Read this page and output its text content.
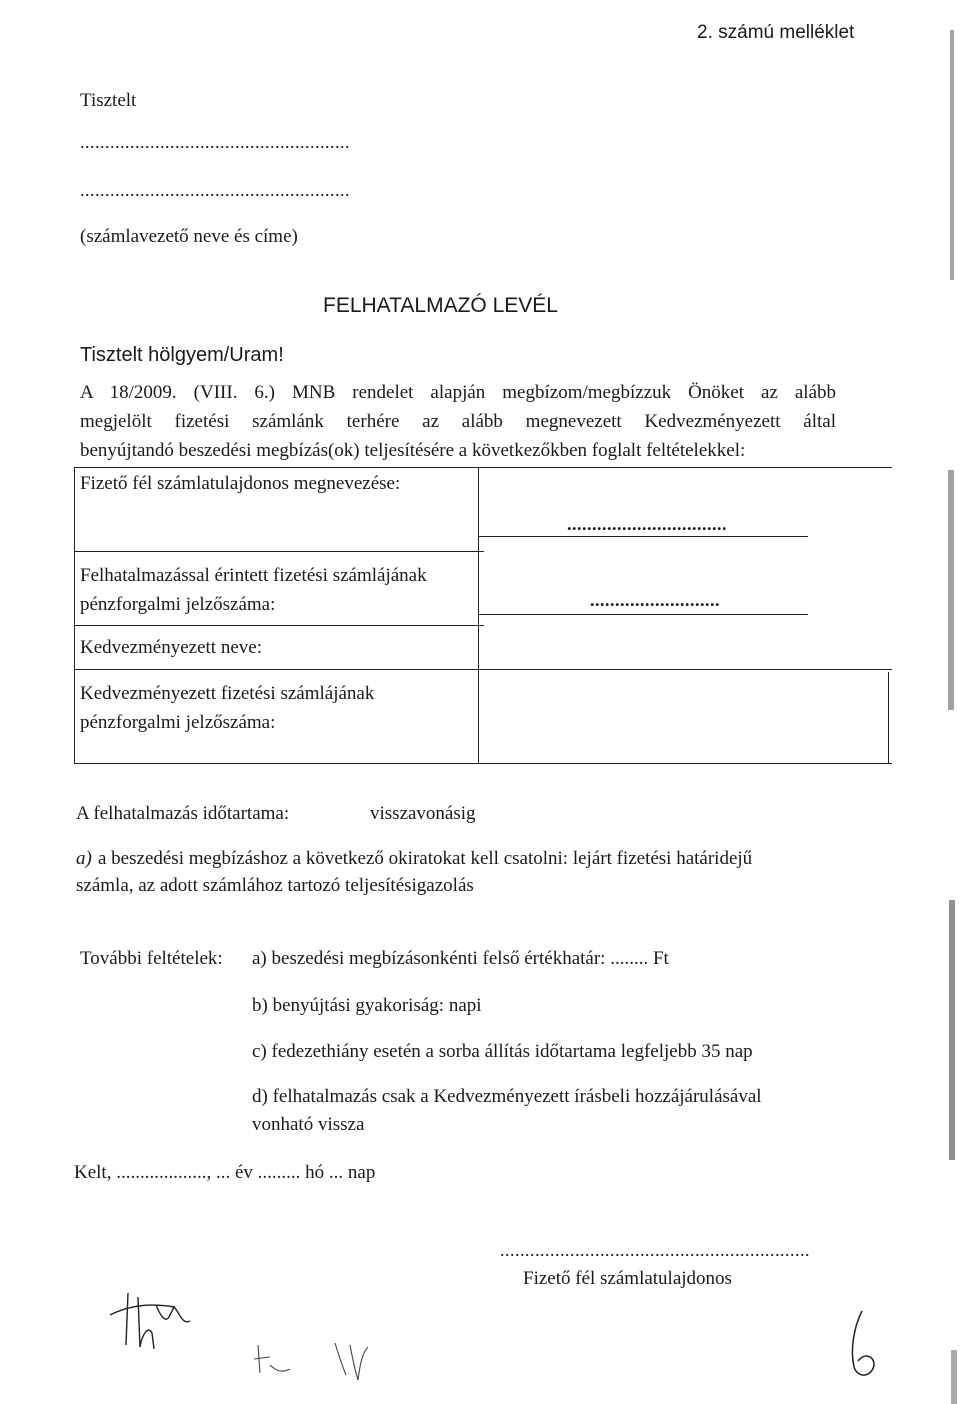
2. számú melléklet
Tisztelt
......................................................
......................................................
(számlavezető neve és címe)
FELHATALMAZÓ LEVÉL
Tisztelt hölgyem/Uram!
A 18/2009. (VIII. 6.) MNB rendelet alapján megbízom/megbízzuk Önöket az alább
megjelölt fizetési számlánk terhére az alább megnevezett Kedvezményezett által
benyújtandó beszedési megbízás(ok) teljesítésére a következőkben foglalt feltételekkel:
Fizető fél számlatulajdonos megnevezése:
................................
Felhatalmazással érintett fizetési számlájának
pénzforgalmi jelzőszáma:	..........................
Kedvezményezett neve:
Kedvezményezett fizetési számlájának
pénzforgalmi jelzőszáma:
A felhatalmazás időtartama:	visszavonásig
a) a beszedési megbízáshoz a következő okiratokat kell csatolni: lejárt fizetési határidejű
számla, az adott számlához tartozó teljesítésigazolás
További feltételek: a) beszedési megbízásonkénti felső értékhatár: ........ Ft
b) benyújtási gyakoriság: napi
c) fedezethiány esetén a sorba állítás időtartama legfeljebb 35 nap
d) felhatalmazás csak a Kedvezményezett írásbeli hozzájárulásával
vonható vissza
Kelt, ..................., ... év ......... hó ... nap
..............................................................
Fizető fél számlatulajdonos
